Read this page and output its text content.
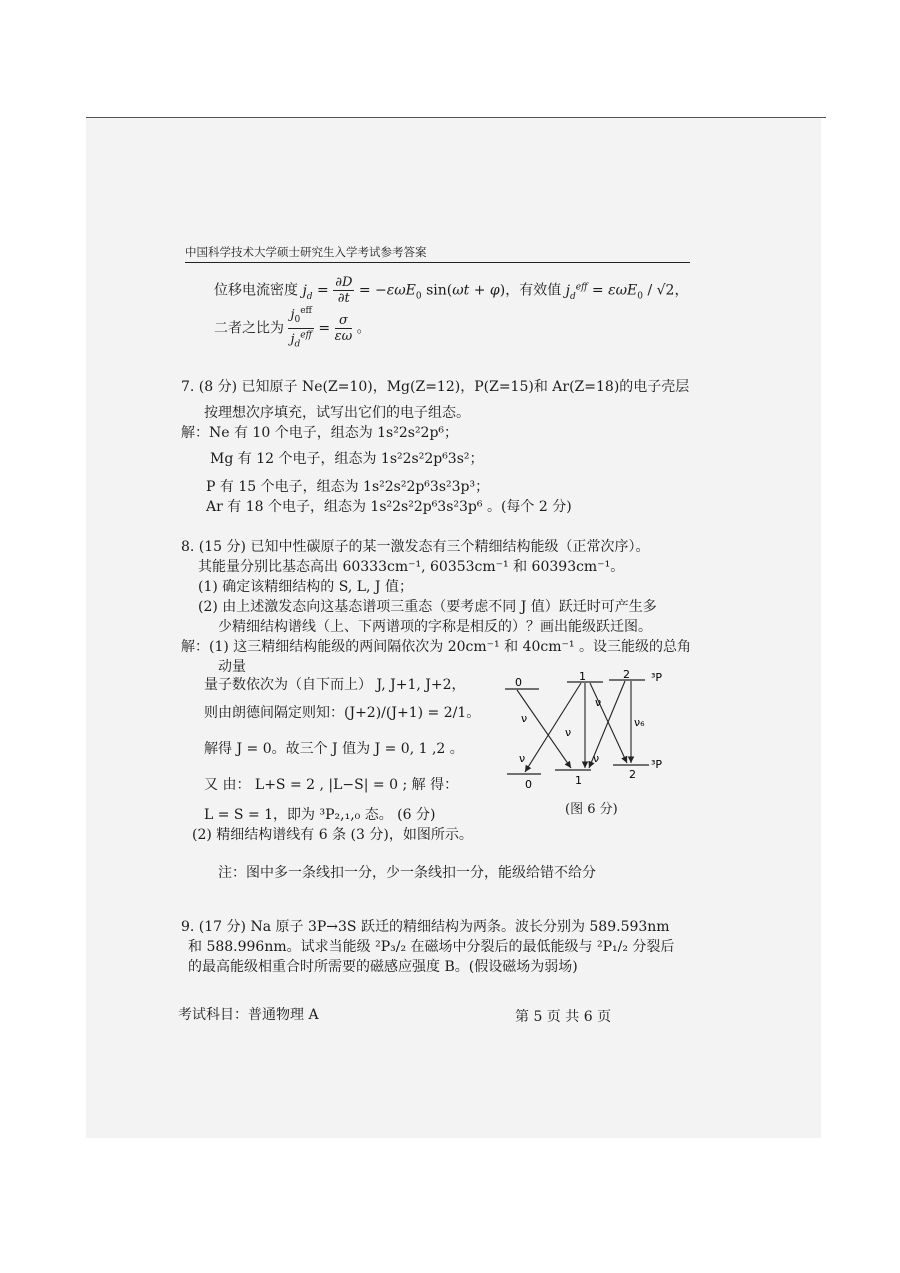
中国科学技术大学硕士研究生入学考试参考答案
位移电流密度 $j_d = \frac{\partial D}{\partial t} = -\varepsilon\omega E_0$ sin(ωt + φ)，有效值 $j_d^{eff} = \varepsilon\omega E_0 / √2$，
二者之比为 $\frac{j_0^{eff}}{j_d^{eff}} = \frac{\sigma}{\varepsilon\omega}$ 。
7. (8 分) 已知原子 Ne(Z=10)，Mg(Z=12)，P(Z=15)和 Ar(Z=18)的电子壳层
按理想次序填充，试写出它们的电子组态。
解：Ne 有 10 个电子，组态为 1s²2s²2p⁶；
Mg 有 12 个电子，组态为 1s²2s²2p⁶3s²；
P 有 15 个电子，组态为 1s²2s²2p⁶3s²3p³；
Ar 有 18 个电子，组态为 1s²2s²2p⁶3s²3p⁶ 。(每个 2 分)
8. (15 分) 已知中性碳原子的某一激发态有三个精细结构能级（正常次序）。
其能量分别比基态高出 60333cm⁻¹, 60353cm⁻¹ 和 60393cm⁻¹。
(1) 确定该精细结构的 S, L, J 值；
(2) 由上述激发态向这基态谱项三重态（要考虑不同 J 值）跃迁时可产生多
少精细结构谱线（上、下两谱项的字称是相反的）？画出能级跃迁图。
解：(1) 这三精细结构能级的两间隔依次为 20cm⁻¹ 和 40cm⁻¹ 。设三能级的总角
动量
量子数依次为（自下而上） J, J+1, J+2，
则由朗德间隔定则知：(J+2)/(J+1) = 2/1。
解得 J = 0。故三个 J 值为 J = 0, 1 ,2 。
又 由： L+S = 2 , |L−S| = 0 ; 解 得：
L = S = 1，即为 ³P₂,₁,₀ 态。 (6 分)
(2) 精细结构谱线有 6 条 (3 分)，如图所示。
注：图中多一条线扣一分，少一条线扣一分，能级给错不给分
0	1	2 ³P
0	1	2
³P
ν
ν
ν
ν
ν
ν₆
(图 6 分)
9. (17 分) Na 原子 3P→3S 跃迁的精细结构为两条。波长分别为 589.593nm
和 588.996nm。试求当能级 ²P₃/₂ 在磁场中分裂后的最低能级与 ²P₁/₂ 分裂后
的最高能级相重合时所需要的磁感应强度 B。(假设磁场为弱场)
考试科目：普通物理 A	第 5 页 共 6 页
